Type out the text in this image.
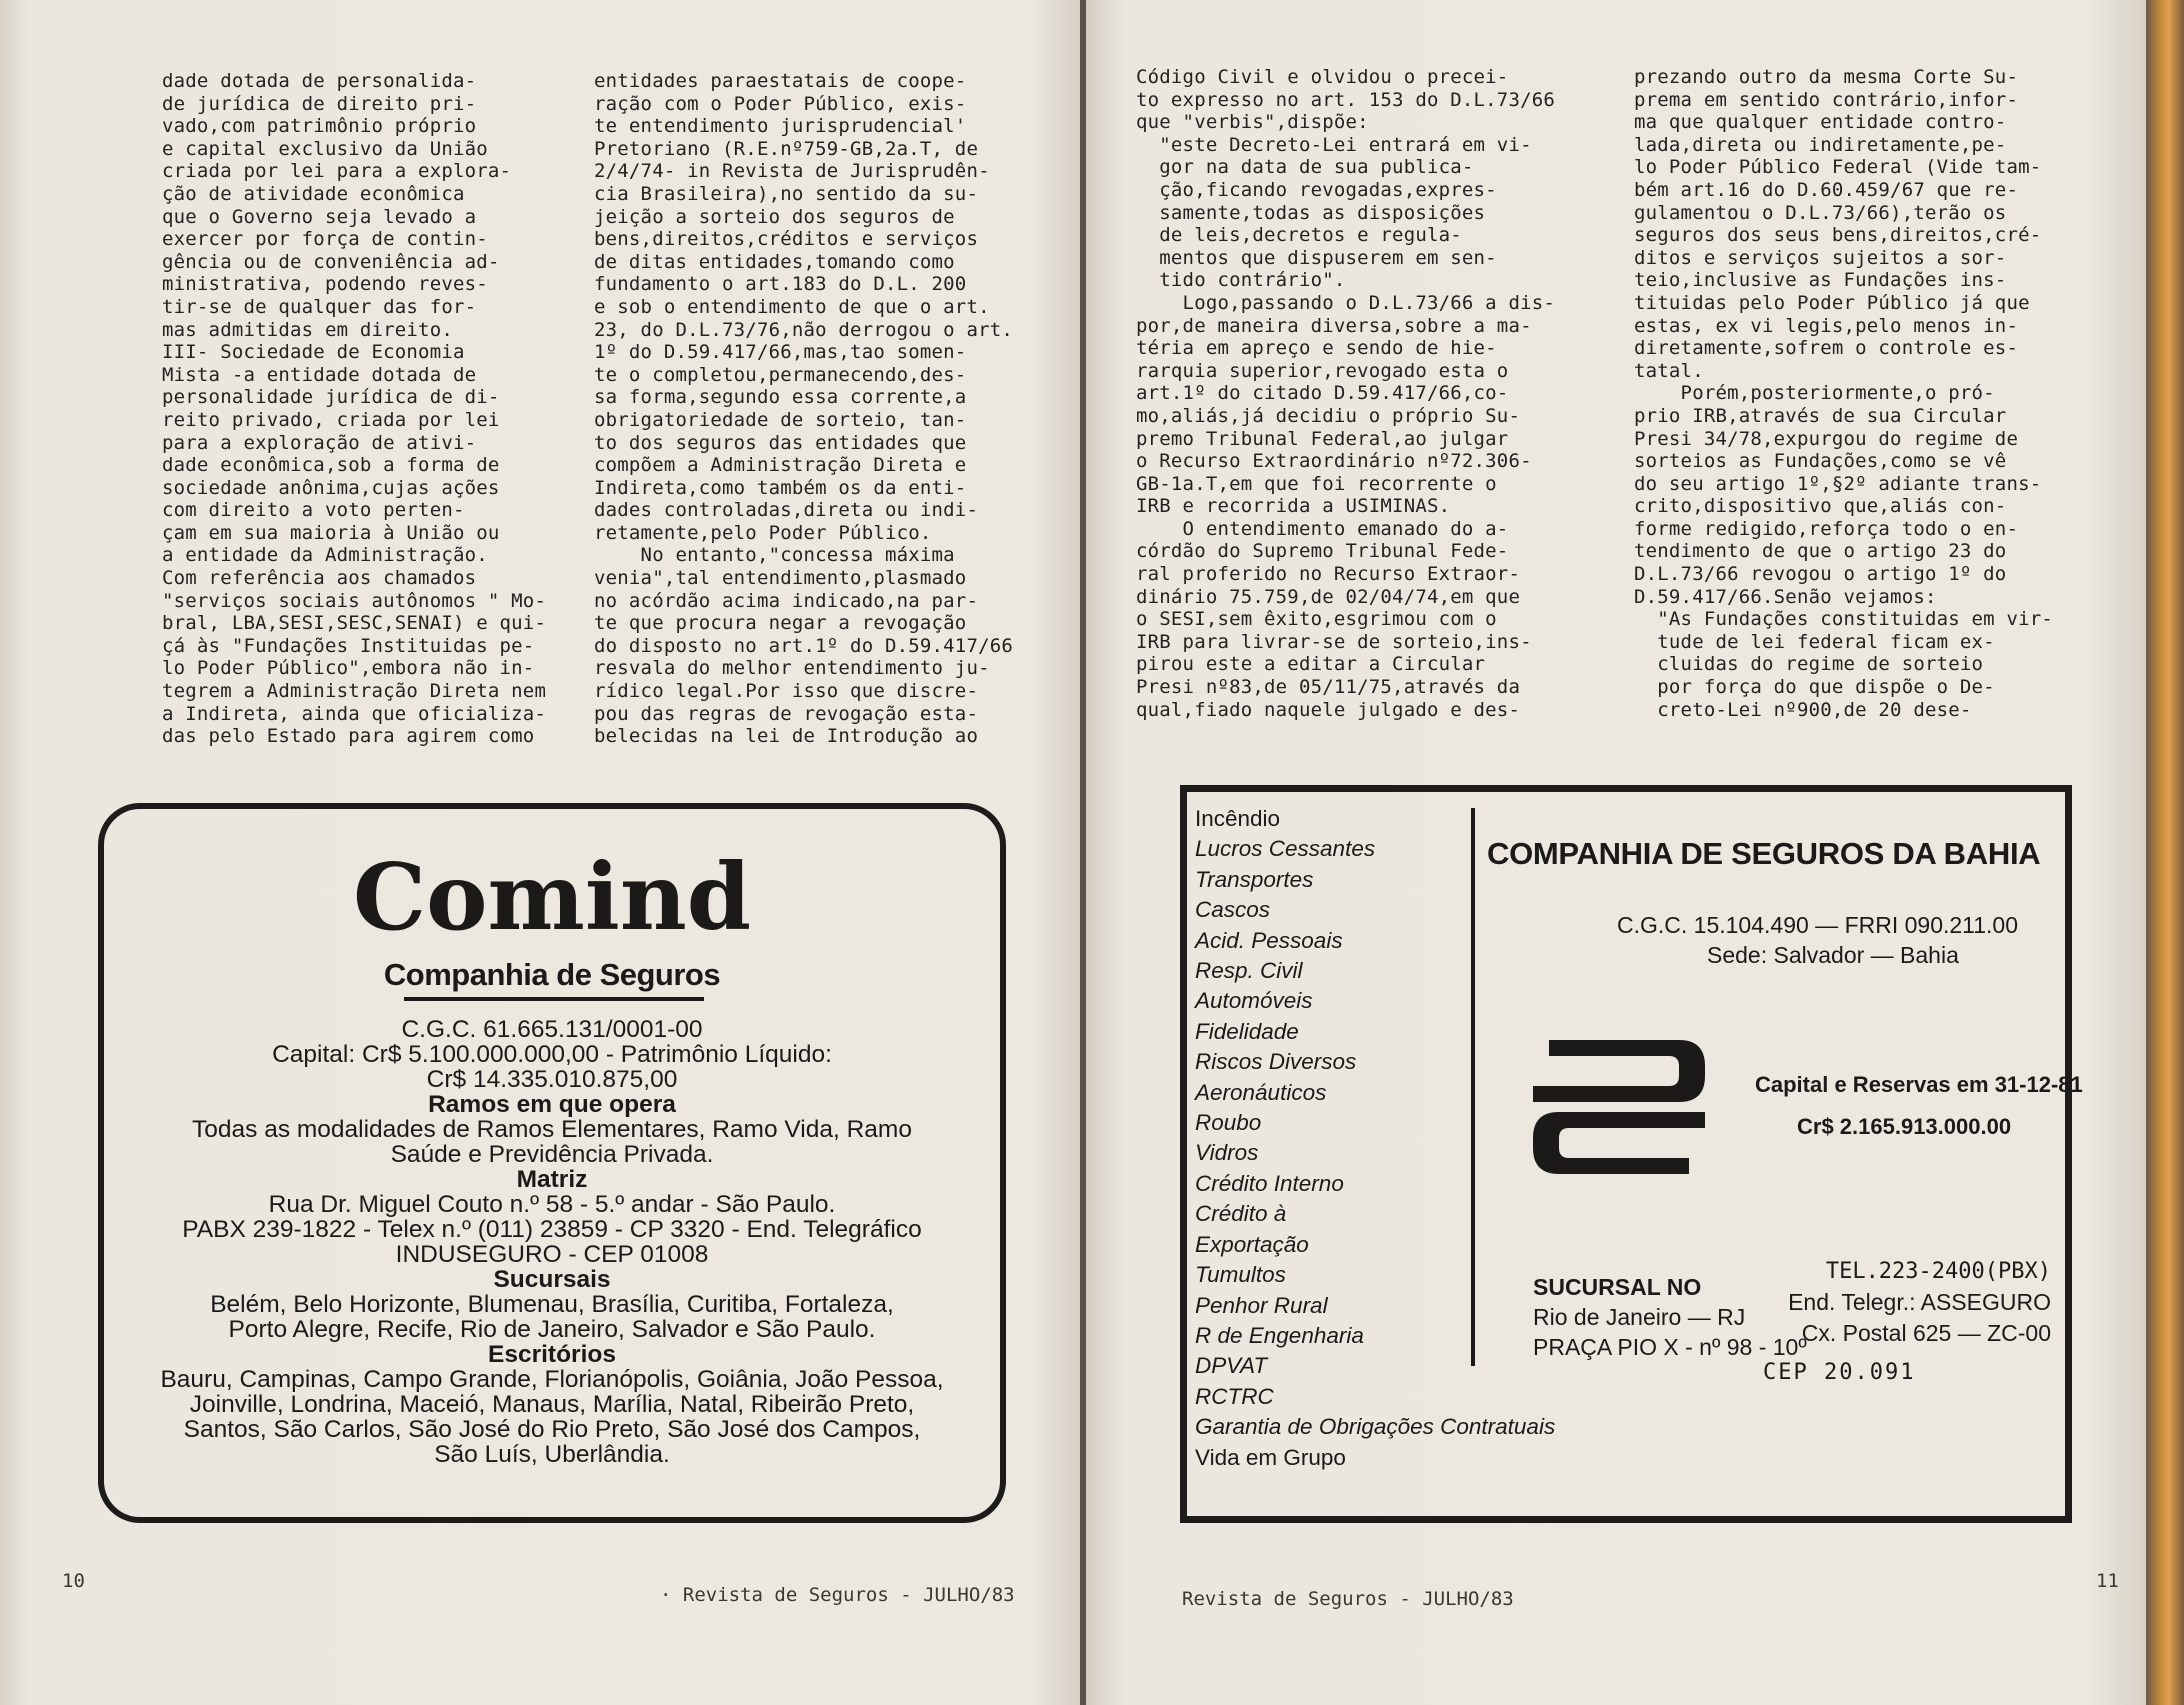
dade dotada de personalida-
de jurídica de direito pri-
vado,com patrimônio próprio
e capital exclusivo da União
criada por lei para a explora-
ção de atividade econômica
que o Governo seja levado a
exercer por força de contin-
gência ou de conveniência ad-
ministrativa, podendo reves-
tir-se de qualquer das for-
mas admitidas em direito.
III- Sociedade de Economia
Mista -a entidade dotada de
personalidade jurídica de di-
reito privado, criada por lei
para a exploração de ativi-
dade econômica,sob a forma de
sociedade anônima,cujas ações
com direito a voto perten-
çam em sua maioria à União ou
a entidade da Administração.
Com referência aos chamados
"serviços sociais autônomos " Mo-
bral, LBA,SESI,SESC,SENAI) e qui-
çá às "Fundações Instituidas pe-
lo Poder Público",embora não in-
tegrem a Administração Direta nem
a Indireta, ainda que oficializa-
das pelo Estado para agirem como
entidades paraestatais de coope-
ração com o Poder Público, exis-
te entendimento jurisprudencial'
Pretoriano (R.E.nº759-GB,2a.T, de
2/4/74- in Revista de Jurisprudên-
cia Brasileira),no sentido da su-
jeição a sorteio dos seguros de
bens,direitos,créditos e serviços
de ditas entidades,tomando como
fundamento o art.183 do D.L. 200
e sob o entendimento de que o art.
23, do D.L.73/76,não derrogou o art.
1º do D.59.417/66,mas,tao somen-
te o completou,permanecendo,des-
sa forma,segundo essa corrente,a
obrigatoriedade de sorteio, tan-
to dos seguros das entidades que
compõem a Administração Direta e
Indireta,como também os da enti-
dades controladas,direta ou indi-
retamente,pelo Poder Público.
No entanto,"concessa máxima
venia",tal entendimento,plasmado
no acórdão acima indicado,na par-
te que procura negar a revogação
do disposto no art.1º do D.59.417/66
resvala do melhor entendimento ju-
rídico legal.Por isso que discre-
pou das regras de revogação esta-
belecidas na lei de Introdução ao
Comind
Companhia de Seguros
C.G.C. 61.665.131/0001-00
Capital: Cr$ 5.100.000.000,00 - Patrimônio Líquido:
Cr$ 14.335.010.875,00
Ramos em que opera
Todas as modalidades de Ramos Elementares, Ramo Vida, Ramo
Saúde e Previdência Privada.
Matriz
Rua Dr. Miguel Couto n.º 58 - 5.º andar - São Paulo.
PABX 239-1822 - Telex n.º (011) 23859 - CP 3320 - End. Telegráfico
INDUSEGURO - CEP 01008
Sucursais
Belém, Belo Horizonte, Blumenau, Brasília, Curitiba, Fortaleza,
Porto Alegre, Recife, Rio de Janeiro, Salvador e São Paulo.
Escritórios
Bauru, Campinas, Campo Grande, Florianópolis, Goiânia, João Pessoa,
Joinville, Londrina, Maceió, Manaus, Marília, Natal, Ribeirão Preto,
Santos, São Carlos, São José do Rio Preto, São José dos Campos,
São Luís, Uberlândia.
10
· Revista de Seguros - JULHO/83
Código Civil e olvidou o precei-
to expresso no art. 153 do D.L.73/66
que "verbis",dispõe:
"este Decreto-Lei entrará em vi-
gor na data de sua publica-
ção,ficando revogadas,expres-
samente,todas as disposições
de leis,decretos e regula-
mentos que dispuserem em sen-
tido contrário".
Logo,passando o D.L.73/66 a dis-
por,de maneira diversa,sobre a ma-
téria em apreço e sendo de hie-
rarquia superior,revogado esta o
art.1º do citado D.59.417/66,co-
mo,aliás,já decidiu o próprio Su-
premo Tribunal Federal,ao julgar
o Recurso Extraordinário nº72.306-
GB-1a.T,em que foi recorrente o
IRB e recorrida a USIMINAS.
O entendimento emanado do a-
córdão do Supremo Tribunal Fede-
ral proferido no Recurso Extraor-
dinário 75.759,de 02/04/74,em que
o SESI,sem êxito,esgrimou com o
IRB para livrar-se de sorteio,ins-
pirou este a editar a Circular
Presi nº83,de 05/11/75,através da
qual,fiado naquele julgado e des-
prezando outro da mesma Corte Su-
prema em sentido contrário,infor-
ma que qualquer entidade contro-
lada,direta ou indiretamente,pe-
lo Poder Público Federal (Vide tam-
bém art.16 do D.60.459/67 que re-
gulamentou o D.L.73/66),terão os
seguros dos seus bens,direitos,cré-
ditos e serviços sujeitos a sor-
teio,inclusive as Fundações ins-
tituidas pelo Poder Público já que
estas, ex vi legis,pelo menos in-
diretamente,sofrem o controle es-
tatal.
Porém,posteriormente,o pró-
prio IRB,através de sua Circular
Presi 34/78,expurgou do regime de
sorteios as Fundações,como se vê
do seu artigo 1º,§2º adiante trans-
crito,dispositivo que,aliás con-
forme redigido,reforça todo o en-
tendimento de que o artigo 23 do
D.L.73/66 revogou o artigo 1º do
D.59.417/66.Senão vejamos:
"As Fundações constituidas em vir-
tude de lei federal ficam ex-
cluidas do regime de sorteio
por força do que dispõe o De-
creto-Lei nº900,de 20 dese-
Incêndio
Lucros Cessantes
Transportes
Cascos
Acid. Pessoais
Resp. Civil
Automóveis
Fidelidade
Riscos Diversos
Aeronáuticos
Roubo
Vidros
Crédito Interno
Crédito à
Exportação
Tumultos
Penhor Rural
R de Engenharia
DPVAT
RCTRC
Garantia de Obrigações Contratuais
Vida em Grupo
COMPANHIA DE SEGUROS DA BAHIA
C.G.C. 15.104.490 — FRRI 090.211.00
Sede: Salvador — Bahia
Capital e Reservas em 31-12-81
Cr$ 2.165.913.000.00
SUCURSAL NO
Rio de Janeiro — RJ
PRAÇA PIO X - nº 98 - 10º
TEL.223-2400(PBX)
End. Telegr.: ASSEGURO
Cx. Postal 625 — ZC-00
CEP 20.091
11
Revista de Seguros - JULHO/83
